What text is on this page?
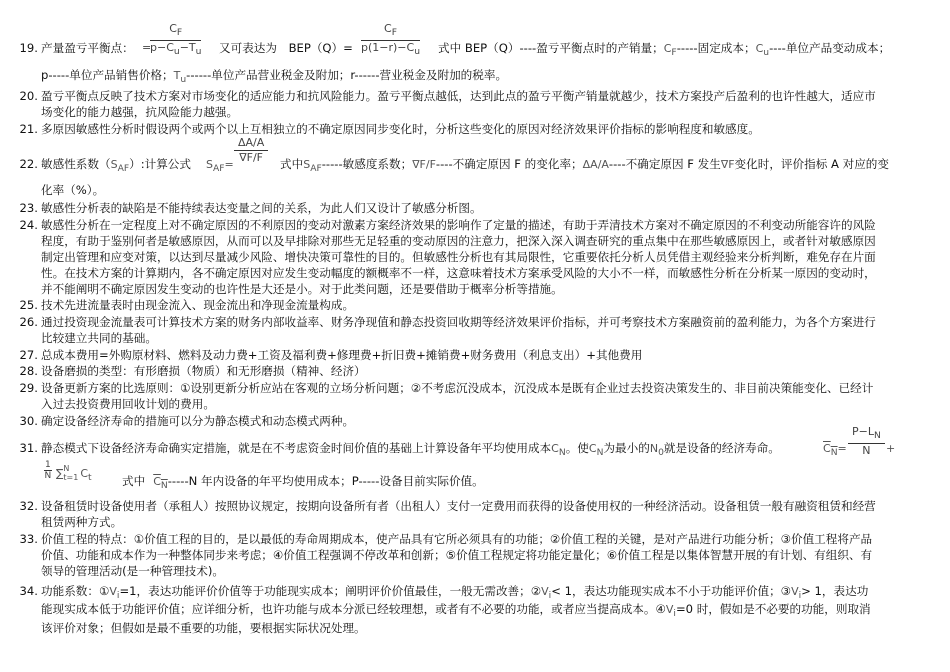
19. 产量盈亏平衡点： =
$\frac{C_F}{p-C_u-T_u}$ 又可表达为　$BEP(Q)= \frac{C_F}{p(1-r)-C_u}$ 式中 BEP（Q）----盈亏平衡点时的产销量；$C_F-----$固定成本；$C_u----$单位产品变动成本；
p-----单位产品销售价格；$T_u------$单位产品营业税金及附加；r------营业税金及附加的税率。
20. 盈亏平衡点反映了技术方案对市场变化的适应能力和抗风险能力。盈亏平衡点越低，达到此点的盈亏平衡产销量就越少，技术方案投产后盈利的也许性越大，适应市
场变化的能力越强，抗风险能力越强。
21. 多原因敏感性分析时假设两个或两个以上互相独立的不确定原因同步变化时，分析这些变化的原因对经济效果评价指标的影响程度和敏感度。
22. 敏感性系数$(S_{AF})$:计算公式 $S_{AF}= \frac{\Delta A/A}{\nabla F/F}$ 式中$S_{AF}-----$敏感度系数；∇F/F----不确定原因 F 的变化率；ΔA/A----不确定原因 F 发生∇F变化时，评价指标 A 对应的变
化率（%）。
23. 敏感性分析表的缺陷是不能持续表达变量之间的关系，为此人们又设计了敏感分析图。
24. 敏感性分析在一定程度上对不确定原因的不利原因的变动对激素方案经济效果的影响作了定量的描述，有助于弄清技术方案对不确定原因的不利变动所能容许的风险
程度，有助于鉴别何者是敏感原因，从而可以及早排除对那些无足轻重的变动原因的注意力，把深入深入调查研究的重点集中在那些敏感原因上，或者针对敏感原因
制定出管理和应变对策，以达到尽量减少风险、增快决策可靠性的目的。但敏感性分析也有其局限性，它重要依托分析人员凭借主观经验来分析判断，难免存在片面
性。在技术方案的计算期内，各不确定原因对应发生变动幅度的额概率不一样，这意味着技术方案承受风险的大小不一样，而敏感性分析在分析某一原因的变动时，
并不能阐明不确定原因发生变动的也许性是大还是小。对于此类问题，还是要借助于概率分析等措施。
25. 技术先进流量表时由现金流入、现金流出和净现金流量构成。
26. 通过投资现金流量表可计算技术方案的财务内部收益率、财务净现值和静态投资回收期等经济效果评价指标，并可考察技术方案融资前的盈利能力，为各个方案进行
比较建立共同的基础。
27. 总成本费用=外购原材料、燃料及动力费+工资及福利费+修理费+折旧费+摊销费+财务费用（利息支出）+其他费用
28. 设备磨损的类型：有形磨损（物质）和无形磨损（精神、经济）
29. 设备更新方案的比选原则：①设别更新分析应站在客观的立场分析问题；②不考虑沉没成本，沉没成本是既有企业过去投资决策发生的、非目前决策能变化、已经计
入过去投资费用回收计划的费用。
30. 确定设备经济寿命的措施可以分为静态模式和动态模式两种。
31. 静态模式下设备经济寿命确实定措施，就是在不考虑资金时间价值的基础上计算设备年平均使用成本$C_N$。使$C_N$为最小的$N_0$就是设备的经济寿命。	$C_N= \frac{P-L_N}{N}$ +
$\frac{1}{N} \sum^N_{t=1}$ $C_t$	式中 $C_N-----N$ 年内设备的年平均使用成本；P-----设备目前实际价值。
32. 设备租赁时设备使用者（承租人）按照协议规定，按期向设备所有者（出租人）支付一定费用而获得的设备使用权的一种经济活动。设备租赁一般有融资租赁和经营
租赁两种方式。
33. 价值工程的特点：①价值工程的目的，是以最低的寿命周期成本，使产品具有它所必须具有的功能；②价值工程的关键，是对产品进行功能分析；③价值工程将产品
价值、功能和成本作为一种整体同步来考虑；④价值工程强调不停改革和创新；⑤价值工程规定将功能定量化；⑥价值工程是以集体智慧开展的有计划、有组织、有
领导的管理活动(是一种管理技术)。
34. 功能系数：$①V_i=1$，表达功能评价价值等于功能现实成本；阐明评价价值最佳，一般无需改善；$②V_i< 1$，表达功能现实成本不小于功能评价值；$③V_i> 1$，表达功
能现实成本低于功能评价值；应详细分析，也许功能与成本分派已经较理想，或者有不必要的功能，或者应当提高成本。$④V_i=0$ 时，假如是不必要的功能，则取消
该评价对象；但假如是最不重要的功能，要根据实际状况处理。
